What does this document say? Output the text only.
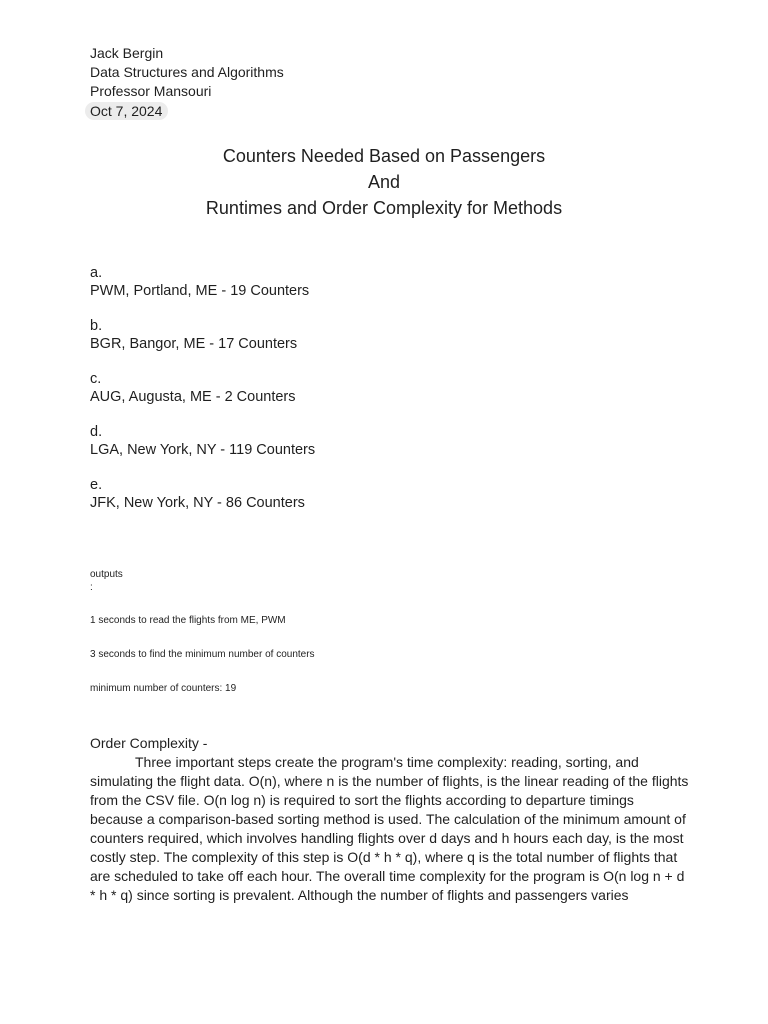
Jack Bergin
Data Structures and Algorithms
Professor Mansouri
Oct 7, 2024
Counters Needed Based on Passengers
And
Runtimes and Order Complexity for Methods
a.
PWM, Portland, ME - 19 Counters
b.
BGR, Bangor, ME - 17 Counters
c.
AUG, Augusta, ME - 2 Counters
d.
LGA, New York, NY - 119 Counters
e.
JFK, New York, NY - 86 Counters
outputs
:
1 seconds to read the flights from ME, PWM
3 seconds to find the minimum number of counters
minimum number of counters: 19
Order Complexity -

Three important steps create the program's time complexity: reading, sorting, and simulating the flight data. O(n), where n is the number of flights, is the linear reading of the flights from the CSV file. O(n log n) is required to sort the flights according to departure timings because a comparison-based sorting method is used. The calculation of the minimum amount of counters required, which involves handling flights over d days and h hours each day, is the most costly step. The complexity of this step is O(d * h * q), where q is the total number of flights that are scheduled to take off each hour. The overall time complexity for the program is O(n log n + d * h * q) since sorting is prevalent. Although the number of flights and passengers varies
